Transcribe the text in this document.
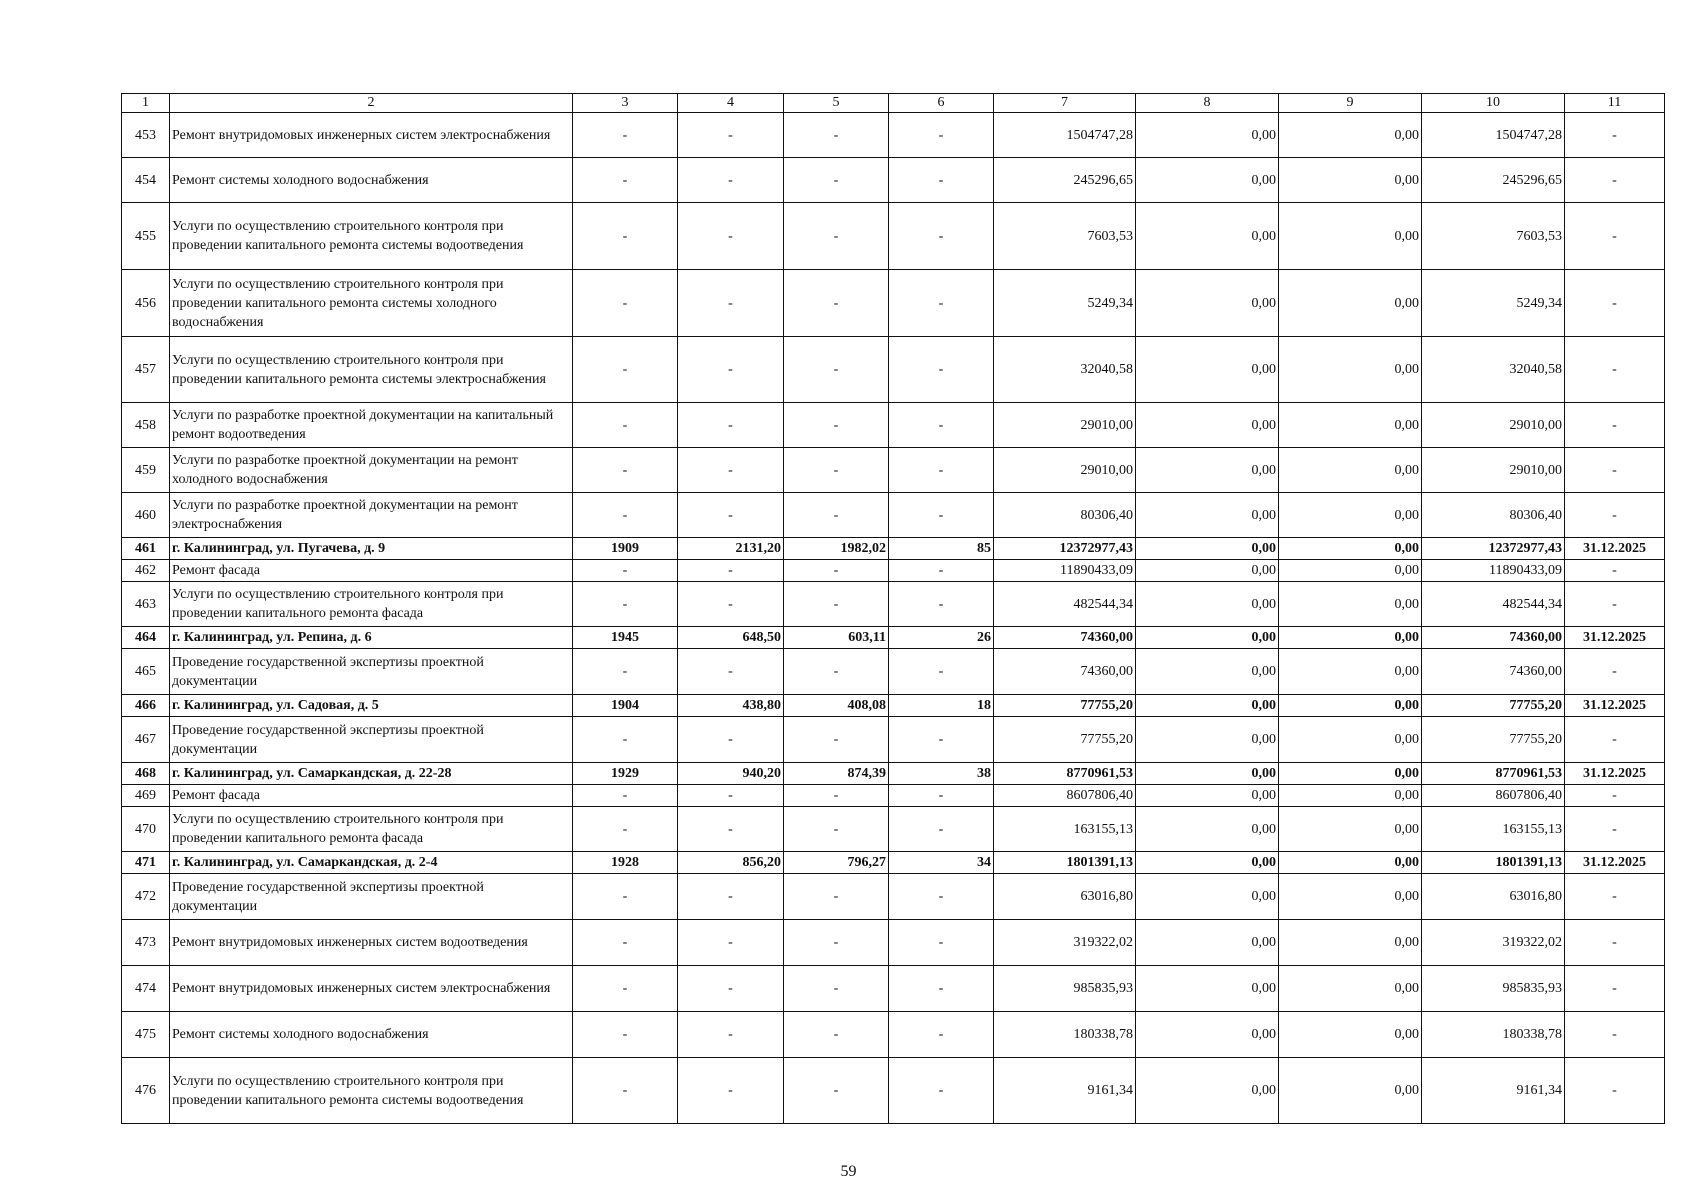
1	2	3	4	5	6	7	8	9	10	11
453	Ремонт внутридомовых инженерных систем электроснабжения	-	-	-	-	1504747,28	0,00	0,00	1504747,28	-
454	Ремонт системы холодного водоснабжения	-	-	-	-	245296,65	0,00	0,00	245296,65	-
455	Услуги по осуществлению строительного контроля при проведении капитального ремонта системы водоотведения	-	-	-	-	7603,53	0,00	0,00	7603,53	-
456	Услуги по осуществлению строительного контроля при проведении капитального ремонта системы холодного водоснабжения	-	-	-	-	5249,34	0,00	0,00	5249,34	-
457	Услуги по осуществлению строительного контроля при проведении капитального ремонта системы электроснабжения	-	-	-	-	32040,58	0,00	0,00	32040,58	-
458	Услуги по разработке проектной документации на капитальный ремонт водоотведения	-	-	-	-	29010,00	0,00	0,00	29010,00	-
459	Услуги по разработке проектной документации на ремонт холодного водоснабжения	-	-	-	-	29010,00	0,00	0,00	29010,00	-
460	Услуги по разработке проектной документации на ремонт электроснабжения	-	-	-	-	80306,40	0,00	0,00	80306,40	-
461	г. Калининград, ул. Пугачева, д. 9	1909	2131,20	1982,02	85	12372977,43	0,00	0,00	12372977,43	31.12.2025
462	Ремонт фасада	-	-	-	-	11890433,09	0,00	0,00	11890433,09	-
463	Услуги по осуществлению строительного контроля при проведении капитального ремонта фасада	-	-	-	-	482544,34	0,00	0,00	482544,34	-
464	г. Калининград, ул. Репина, д. 6	1945	648,50	603,11	26	74360,00	0,00	0,00	74360,00	31.12.2025
465	Проведение государственной экспертизы проектной документации	-	-	-	-	74360,00	0,00	0,00	74360,00	-
466	г. Калининград, ул. Садовая, д. 5	1904	438,80	408,08	18	77755,20	0,00	0,00	77755,20	31.12.2025
467	Проведение государственной экспертизы проектной документации	-	-	-	-	77755,20	0,00	0,00	77755,20	-
468	г. Калининград, ул. Самаркандская, д. 22-28	1929	940,20	874,39	38	8770961,53	0,00	0,00	8770961,53	31.12.2025
469	Ремонт фасада	-	-	-	-	8607806,40	0,00	0,00	8607806,40	-
470	Услуги по осуществлению строительного контроля при проведении капитального ремонта фасада	-	-	-	-	163155,13	0,00	0,00	163155,13	-
471	г. Калининград, ул. Самаркандская, д. 2-4	1928	856,20	796,27	34	1801391,13	0,00	0,00	1801391,13	31.12.2025
472	Проведение государственной экспертизы проектной документации	-	-	-	-	63016,80	0,00	0,00	63016,80	-
473	Ремонт внутридомовых инженерных систем водоотведения	-	-	-	-	319322,02	0,00	0,00	319322,02	-
474	Ремонт внутридомовых инженерных систем электроснабжения	-	-	-	-	985835,93	0,00	0,00	985835,93	-
475	Ремонт системы холодного водоснабжения	-	-	-	-	180338,78	0,00	0,00	180338,78	-
476	Услуги по осуществлению строительного контроля при проведении капитального ремонта системы водоотведения	-	-	-	-	9161,34	0,00	0,00	9161,34	-
59
